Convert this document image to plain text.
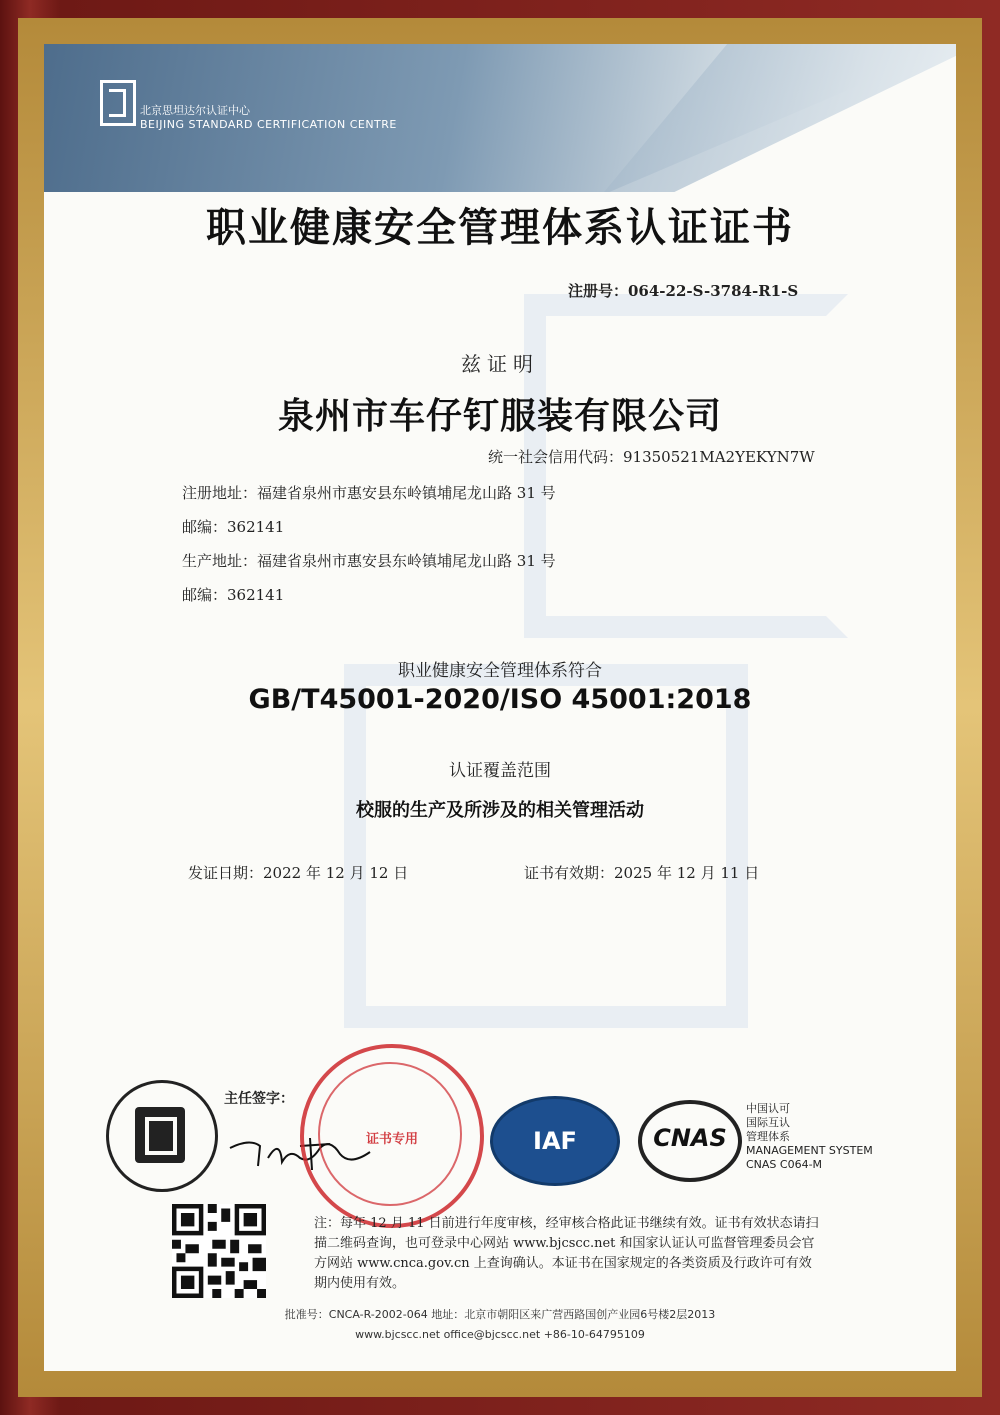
北京思坦达尔认证中心
BEIJING STANDARD CERTIFICATION CENTRE
职业健康安全管理体系认证证书
注册号：064-22-S-3784-R1-S
兹证明
泉州市车仔钉服装有限公司
统一社会信用代码：91350521MA2YEKYN7W
注册地址：福建省泉州市惠安县东岭镇埔尾龙山路 31 号
邮编：362141
生产地址：福建省泉州市惠安县东岭镇埔尾龙山路 31 号
邮编：362141
职业健康安全管理体系符合
GB/T45001-2020/ISO 45001:2018
认证覆盖范围
校服的生产及所涉及的相关管理活动
发证日期：2022 年 12 月 12 日	证书有效期：2025 年 12 月 11 日
主任签字：
证书专用	IAF	CNAS
中国认可
国际互认
管理体系
MANAGEMENT SYSTEM
CNAS C064-M
注：每年 12 月 11 日前进行年度审核，经审核合格此证书继续有效。证书有效状态请扫描二维码查询，也可登录中心网站 www.bjcscc.net 和国家认证认可监督管理委员会官方网站 www.cnca.gov.cn 上查询确认。本证书在国家规定的各类资质及行政许可有效期内使用有效。
批准号：CNCA-R-2002-064 地址：北京市朝阳区来广营西路国创产业园6号楼2层2013
www.bjcscc.net office@bjcscc.net +86-10-64795109
